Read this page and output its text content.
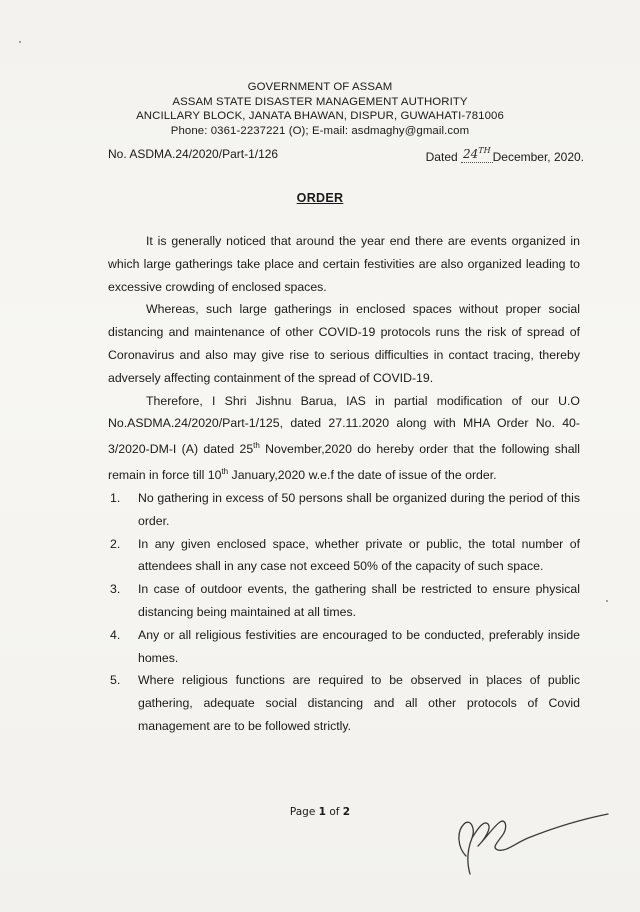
GOVERNMENT OF ASSAM
ASSAM STATE DISASTER MANAGEMENT AUTHORITY
ANCILLARY BLOCK, JANATA BHAWAN, DISPUR, GUWAHATI-781006
Phone: 0361-2237221 (O); E-mail: asdmaghy@gmail.com
No. ASDMA.24/2020/Part-1/126	Dated 24TH December, 2020.
ORDER

It is generally noticed that around the year end there are events organized in which large gatherings take place and certain festivities are also organized leading to excessive crowding of enclosed spaces.

Whereas, such large gatherings in enclosed spaces without proper social distancing and maintenance of other COVID-19 protocols runs the risk of spread of Coronavirus and also may give rise to serious difficulties in contact tracing, thereby adversely affecting containment of the spread of COVID-19.

Therefore, I Shri Jishnu Barua, IAS in partial modification of our U.O No.ASDMA.24/2020/Part-1/125, dated 27.11.2020 along with MHA Order No. 40-3/2020-DM-I (A) dated 25th November,2020 do hereby order that the following shall remain in force till 10th January,2020 w.e.f the date of issue of the order.

1. No gathering in excess of 50 persons shall be organized during the period of this order.
2. In any given enclosed space, whether private or public, the total number of attendees shall in any case not exceed 50% of the capacity of such space.
3. In case of outdoor events, the gathering shall be restricted to ensure physical distancing being maintained at all times.
4. Any or all religious festivities are encouraged to be conducted, preferably inside homes.
5. Where religious functions are required to be observed in places of public gathering, adequate social distancing and all other protocols of Covid management are to be followed strictly.
Page 1 of 2
